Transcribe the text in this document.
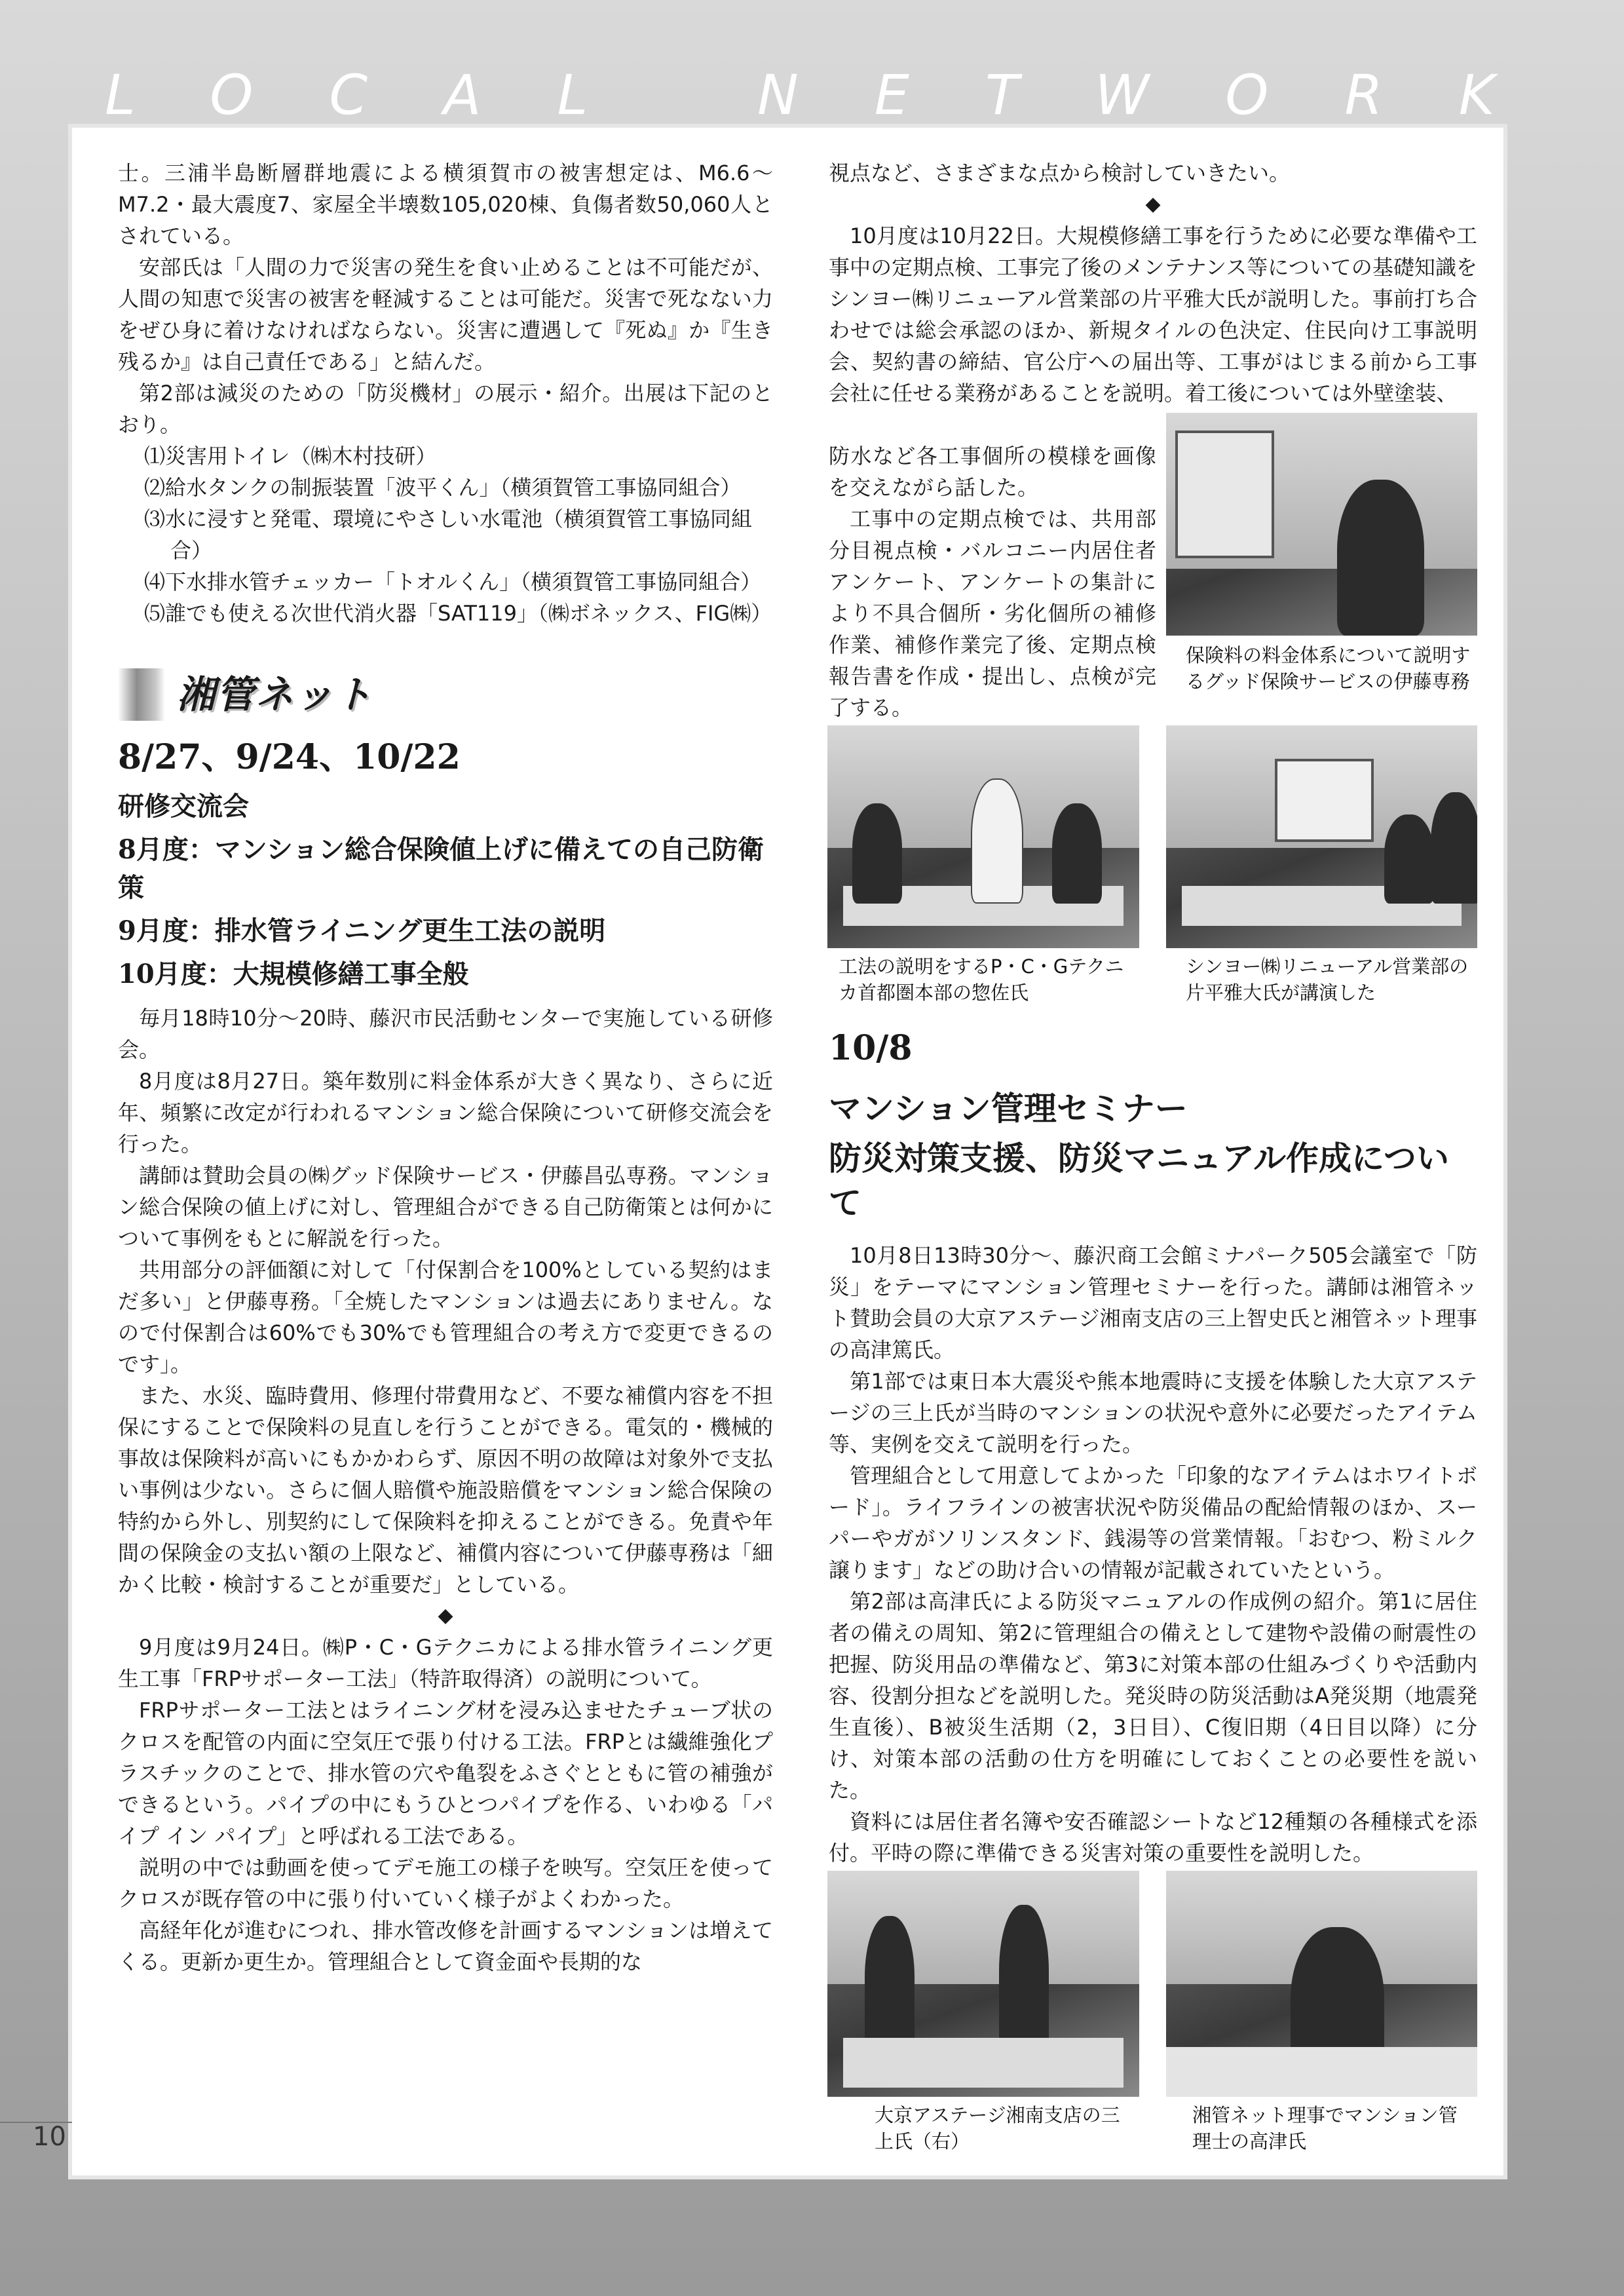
LOCAL NETWORK
10

士。三浦半島断層群地震による横須賀市の被害想定は、M6.6〜M7.2・最大震度7、家屋全半壊数105,020棟、負傷者数50,060人とされている。

安部氏は「人間の力で災害の発生を食い止めることは不可能だが、人間の知恵で災害の被害を軽減することは可能だ。災害で死なない力をぜひ身に着けなければならない。災害に遭遇して『死ぬ』か『生き残るか』は自己責任である」と結んだ。

第2部は減災のための「防災機材」の展示・紹介。出展は下記のとおり。

⑴災害用トイレ（㈱木村技研）
⑵給水タンクの制振装置「波平くん」（横須賀管工事協同組合）
⑶水に浸すと発電、環境にやさしい水電池（横須賀管工事協同組合）
⑷下水排水管チェッカー「トオルくん」（横須賀管工事協同組合）
⑸誰でも使える次世代消火器「SAT119」（㈱ボネックス、FIG㈱）
湘管ネット
8/27、9/24、10/22
研修交流会
8月度：マンション総合保険値上げに備えての自己防衛策
9月度：排水管ライニング更生工法の説明
10月度：大規模修繕工事全般

毎月18時10分〜20時、藤沢市民活動センターで実施している研修会。

8月度は8月27日。築年数別に料金体系が大きく異なり、さらに近年、頻繁に改定が行われるマンション総合保険について研修交流会を行った。

講師は賛助会員の㈱グッド保険サービス・伊藤昌弘専務。マンション総合保険の値上げに対し、管理組合ができる自己防衛策とは何かについて事例をもとに解説を行った。

共用部分の評価額に対して「付保割合を100%としている契約はまだ多い」と伊藤専務。「全焼したマンションは過去にありません。なので付保割合は60%でも30%でも管理組合の考え方で変更できるのです」。

また、水災、臨時費用、修理付帯費用など、不要な補償内容を不担保にすることで保険料の見直しを行うことができる。電気的・機械的事故は保険料が高いにもかかわらず、原因不明の故障は対象外で支払い事例は少ない。さらに個人賠償や施設賠償をマンション総合保険の特約から外し、別契約にして保険料を抑えることができる。免責や年間の保険金の支払い額の上限など、補償内容について伊藤専務は「細かく比較・検討することが重要だ」としている。

◆

9月度は9月24日。㈱P・C・Gテクニカによる排水管ライニング更生工事「FRPサポーター工法」（特許取得済）の説明について。

FRPサポーター工法とはライニング材を浸み込ませたチューブ状のクロスを配管の内面に空気圧で張り付ける工法。FRPとは繊維強化プラスチックのことで、排水管の穴や亀裂をふさぐとともに管の補強ができるという。パイプの中にもうひとつパイプを作る、いわゆる「パイプ イン パイプ」と呼ばれる工法である。

説明の中では動画を使ってデモ施工の様子を映写。空気圧を使ってクロスが既存管の中に張り付いていく様子がよくわかった。

高経年化が進むにつれ、排水管改修を計画するマンションは増えてくる。更新か更生か。管理組合として資金面や長期的な

視点など、さまざまな点から検討していきたい。

◆

10月度は10月22日。大規模修繕工事を行うために必要な準備や工事中の定期点検、工事完了後のメンテナンス等についての基礎知識をシンヨー㈱リニューアル営業部の片平雅大氏が説明した。事前打ち合わせでは総会承認のほか、新規タイルの色決定、住民向け工事説明会、契約書の締結、官公庁への届出等、工事がはじまる前から工事会社に任せる業務があることを説明。着工後については外壁塗装、

防水など各工事個所の模様を画像を交えながら話した。

工事中の定期点検では、共用部分目視点検・バルコニー内居住者アンケート、アンケートの集計により不具合個所・劣化個所の補修作業、補修作業完了後、定期点検報告書を作成・提出し、点検が完了する。

保険料の料金体系について説明するグッド保険サービスの伊藤専務
工法の説明をするP・C・Gテクニカ首都圏本部の惣佐氏
シンヨー㈱リニューアル営業部の片平雅大氏が講演した
10/8
マンション管理セミナー
防災対策支援、防災マニュアル作成について

10月8日13時30分〜、藤沢商工会館ミナパーク505会議室で「防災」をテーマにマンション管理セミナーを行った。講師は湘管ネット賛助会員の大京アステージ湘南支店の三上智史氏と湘管ネット理事の高津篤氏。

第1部では東日本大震災や熊本地震時に支援を体験した大京アステージの三上氏が当時のマンションの状況や意外に必要だったアイテム等、実例を交えて説明を行った。

管理組合として用意してよかった「印象的なアイテムはホワイトボード」。ライフラインの被害状況や防災備品の配給情報のほか、スーパーやガがソリンスタンド、銭湯等の営業情報。「おむつ、粉ミルク譲ります」などの助け合いの情報が記載されていたという。

第2部は高津氏による防災マニュアルの作成例の紹介。第1に居住者の備えの周知、第2に管理組合の備えとして建物や設備の耐震性の把握、防災用品の準備など、第3に対策本部の仕組みづくりや活動内容、役割分担などを説明した。発災時の防災活動はA発災期（地震発生直後）、B被災生活期（2，3日目）、C復旧期（4日目以降）に分け、対策本部の活動の仕方を明確にしておくことの必要性を説いた。

資料には居住者名簿や安否確認シートなど12種類の各種様式を添付。平時の際に準備できる災害対策の重要性を説明した。

大京アステージ湘南支店の三上氏（右）
湘管ネット理事でマンション管理士の高津氏
